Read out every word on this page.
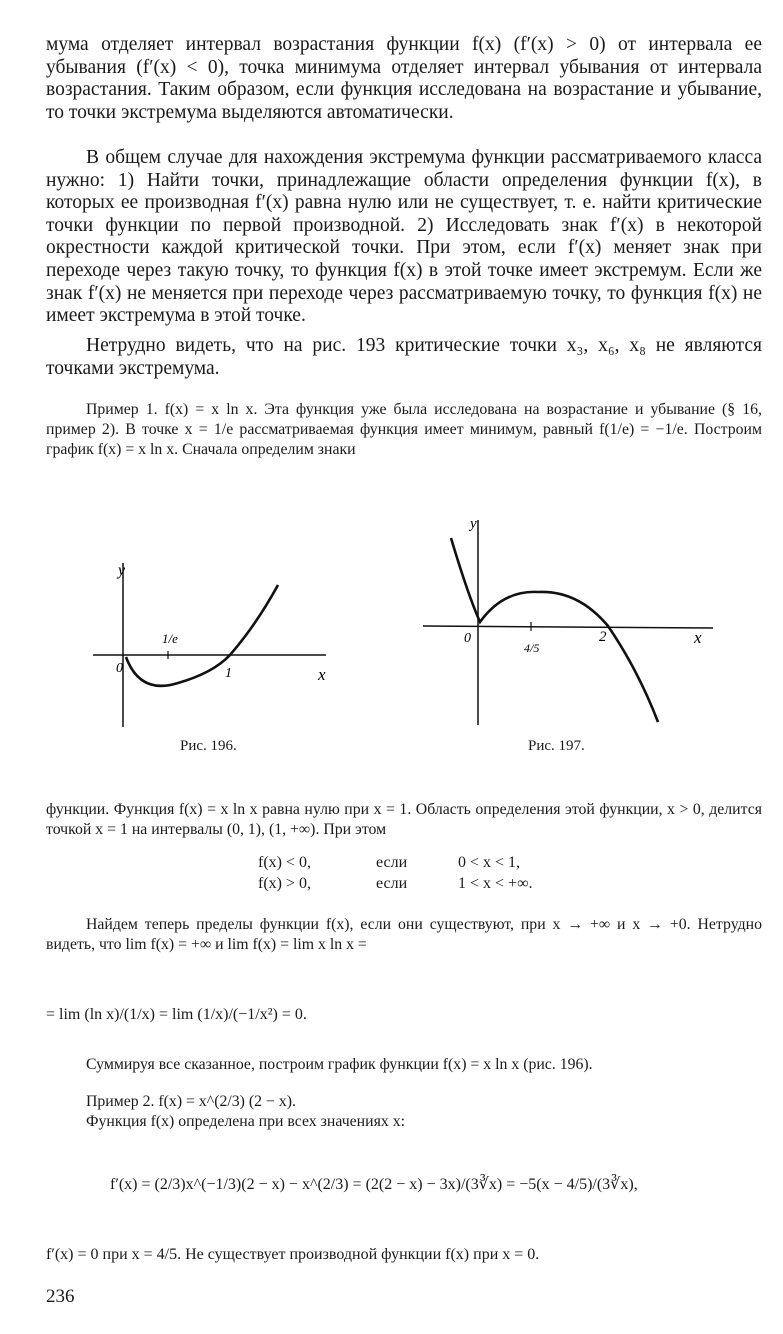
мума отделяет интервал возрастания функции f(x) (f′(x) > 0) от интервала ее убывания (f′(x) < 0), точка минимума отделяет интервал убывания от интервала возрастания. Таким образом, если функция исследована на возрастание и убывание, то точки экстремума выделяются автоматически.
В общем случае для нахождения экстремума функции рассматриваемого класса нужно: 1) Найти точки, принадлежащие области определения функции f(x), в которых ее производная f′(x) равна нулю или не существует, т. е. найти критические точки функции по первой производной. 2) Исследовать знак f′(x) в некоторой окрестности каждой критической точки. При этом, если f′(x) меняет знак при переходе через такую точку, то функция f(x) в этой точке имеет экстремум. Если же знак f′(x) не меняется при переходе через рассматриваемую точку, то функция f(x) не имеет экстремума в этой точке.
Нетрудно видеть, что на рис. 193 критические точки x₃, x₆, x₈ не являются точками экстремума.
Пример 1. f(x) = x ln x. Эта функция уже была исследована на возрастание и убывание (§ 16, пример 2). В точке x = 1/e рассматриваемая функция имеет минимум, равный f(1/e) = −1/e. Построим график f(x) = x ln x. Сначала определим знаки
y
x
0
1/e
1
Рис. 196.
y
x
0
4/5
2
Рис. 197.
функции. Функция f(x) = x ln x равна нулю при x = 1. Область определения этой функции, x > 0, делится точкой x = 1 на интервалы (0, 1), (1, +∞). При этом
f(x) < 0,	если	0 < x < 1,
f(x) > 0,	если	1 < x < +∞.
Найдем теперь пределы функции f(x), если они существуют, при x → +∞ и x → +0. Нетрудно видеть, что lim f(x) = +∞ и lim f(x) = lim x ln x =
= lim (ln x)/(1/x) = lim (1/x)/(−1/x²) = 0.
Суммируя все сказанное, построим график функции f(x) = x ln x (рис. 196).
Пример 2. f(x) = x^(2/3) (2 − x).
Функция f(x) определена при всех значениях x:
f′(x) = (2/3)x^(−1/3)(2 − x) − x^(2/3) = (2(2 − x) − 3x)/(3∛x) = −5(x − 4/5)/(3∛x),
f′(x) = 0 при x = 4/5. Не существует производной функции f(x) при x = 0.
236
